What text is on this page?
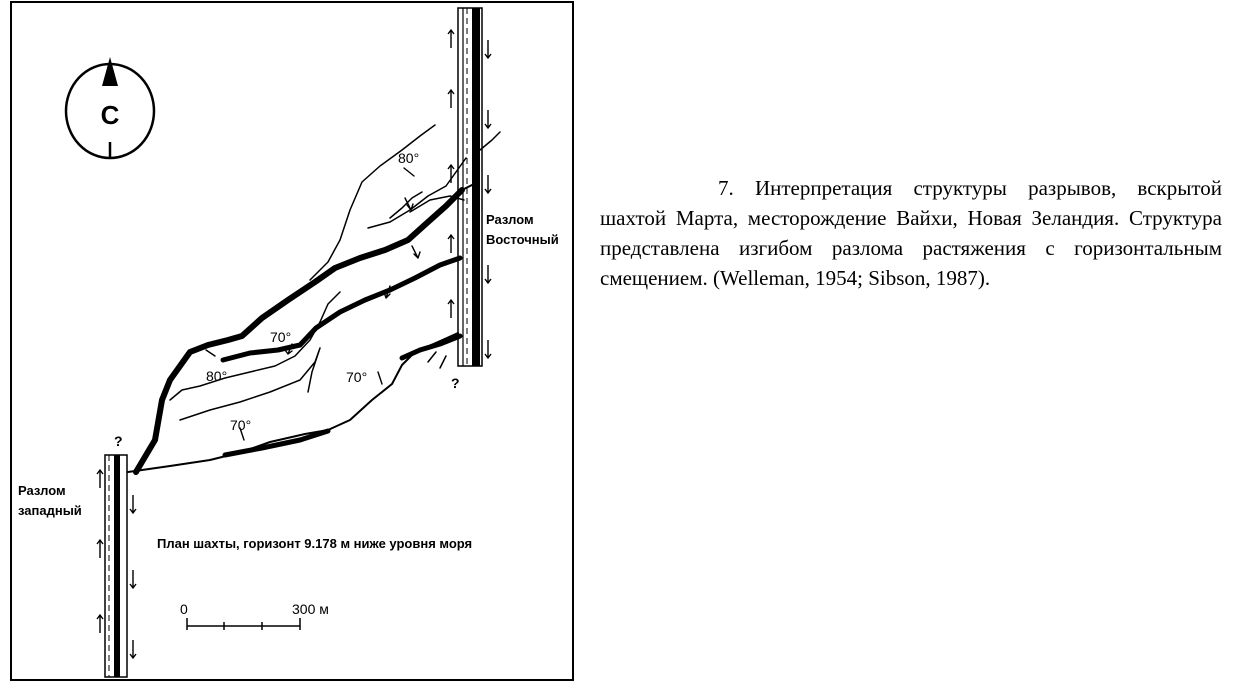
С
Разлом
Восточный
Разлом
западный
?
?
80°
70°
80°	70°
70°
План шахты, горизонт 9.178 м ниже уровня моря
0	300 м

7. Интерпретация структуры разрывов, вскрытой шахтой Марта, месторождение Вайхи, Новая Зеландия. Структура представлена изгибом разлома растяжения с горизонтальным смещением. (Welleman, 1954; Sibson, 1987).
